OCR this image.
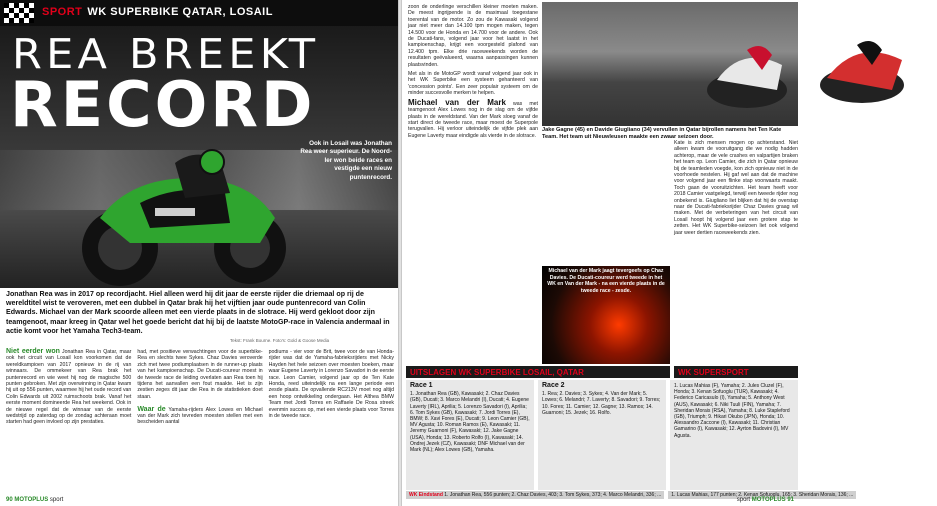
SPORT WK SUPERBIKE QATAR, LOSAIL
REA BREEKT
RECORD
Ook in Losail was Jonathan Rea weer superieur. De Noord-Ier won beide races en vestigde een nieuw puntenrecord.
Jonathan Rea was in 2017 op recordjacht. Hiel alleen werd hij dit jaar de eerste rijder die driemaal op rij de wereldtitel wist te veroveren, met een dubbel in Qatar brak hij het vijftien jaar oude puntenrecord van Colin Edwards. Michael van der Mark scoorde alleen met een vierde plaats in de slotrace. Hij werd gekloot door zijn teamgenoot, maar kreeg in Qatar wel het goede bericht dat hij bij de laatste MotoGP-race in Valencia andermaal in actie komt voor het Yamaha Tech3-team.
Tekst: Frank Bourne. Foto's: Gold & Goose Media
Niet eerder won Jonathan Rea in Qatar, maar ook het circuit van Losail kon voorkomen dat de wereldkampioen van 2017 opnieuw in de rij van winnaars. De ommekeer van Rea brak het puntenrecord en wie weet hij nog de magische 500 punten gebroken. Met zijn overwinning in Qatar kwam hij uit op 556 punten, waarmee hij het oude record van Colin Edwards uit 2002 ruimschoots brak. Vanaf het eerste moment domineerde Rea het weekend. Ook in de nieuwe regel dat de winnaar van de eerste wedstrijd op zaterdag op de zondag achteraan moet starten had geen invloed op zijn prestaties.
had, met positieve verwachtingen voor de superbike-Rea en slechts twee Sykes. Chaz Davies veroverde zich met twee podiumplaatsen in de runner-up plaats van het kampioenschap. De Ducati-coureur moest in de tweede race de leiding overlaten aan Rea toen hij tijdens het aanvallen een fout maakte. Het is zijn zestien zeges dit jaar die Rea in de statistieken doet staan.

Waar de Yamaha-rijders Alex Lowes en Michael van der Mark zich tevreden moesten stellen met een bescheiden aantal
podiums - vier voor de Brit, twee voor de van Honda-rijder was dat de Yamaha-fabrieksrijders met Nicky Hayden het hele seizoen over moesten boeken, maar waar Eugene Laverty in Lorenzo Savadori in de eerste race. Leon Camier, volgend jaar op de Ten Kate Honda, reed uiteindelijk na een lange periode een zesde plaats. De opvallende RC213V moet nog altijd een hoop ontwikkeling ondergaan. Het Althea BMW Team met Jordi Torres en Raffaele De Rosa streek evenmin succes op, met een vierde plaats voor Torres in de tweede race.
90 MOTOPLUS sport
zoon de onderlinge verschillen kleiner moeten maken. De meest ingrijpende is de maximaal toegestane toerental van de motor. Zo zou de Kawasaki volgend jaar niet meer dan 14.100 tpm mogen maken, tegen 14.500 voor de Honda en 14.700 voor de andere. Ook de Ducati-fans, volgend jaar voor het laatst in het kampioenschap, krijgt een voorgesteld plafond van 12.400 tpm. Elke drie raceweekends worden de resultaten geëvalueerd, waarna aanpassingen kunnen plaatsvinden.
Met als in de MotoGP wordt vanaf volgend jaar ook in het WK Superbike een systeem gehanteerd van 'concession points'. Een zeer populair systeem om de minder succesvolle merken te helpen.
Michael van der Mark was met teamgenoot Alex Lowes nog in de slag om de vijfde plaats in de wereldstand. Van der Mark sloeg vanaf de start direct de tweede race, maar moest de Superpole terugvallen. Hij verloor uiteindelijk de vijfde plek aan Eugene Laverty maar eindigde als vierde in de slotrace.
Jake Gagne (45) en Davide Giugliano (34) vervullen in Qatar bijrollen namens het Ten Kate Team. Het team uit Nieuwleusen maakte een zwaar seizoen door.
Michael van der Mark jaagt tevergeefs op Chaz Davies. De Ducati-coureur werd tweede in het WK en Van der Mark - na een vierde plaats in de tweede race - zesde.
Kate is zich mensen mogen op achterstand. Niet alleen kwam de vooruitgang die we nodig hadden achterop, maar de vele crashes en valpartijen braken het team op. Leon Camier, die zich in Qatar opnieuw bij de teamleden voegde, kon zich opnieuw niet in de voorhoede nestelen. Hij gaf wel aan dat de machine voor volgend jaar een flinke stap voorwaarts maakt. Toch gaan de vooruitzichten. Het team heeft voor 2018 Camier vastgelegd, terwijl een tweede rijder nog onbekend is. Giugliano liet blijken dat hij de overstap naar de Ducati-fabrieksrijder Chaz Davies graag wil maken. Met de verbeteringen van het circuit van Losail hoopt hij volgend jaar een grotere stap te zetten. Het WK Superbike-seizoen liet ook volgend jaar weer dertien raceweekends zien.
UITSLAGEN WK SUPERBIKE LOSAIL, QATAR	WK SUPERSPORT
Race 1
1. Jonathan Rea (GB), Kawasaki; 2. Chaz Davies (GB), Ducati; 3. Marco Melandri (I), Ducati; 4. Eugene Laverty (IRL), Aprilia; 5. Lorenzo Savadori (I), Aprilia; 6. Tom Sykes (GB), Kawasaki; 7. Jordi Torres (E), BMW; 8. Xavi Fores (E), Ducati; 9. Leon Camier (GB), MV Agusta; 10. Roman Ramos (E), Kawasaki; 11. Jeremy Guarnoni (F), Kawasaki; 12. Jake Gagne (USA), Honda; 13. Roberto Rolfo (I), Kawasaki; 14. Ondrej Jezek (CZ), Kawasaki; DNF Michael van der Mark (NL); Alex Lowes (GB), Yamaha.
Race 2
1. Rea; 2. Davies; 3. Sykes; 4. Van der Mark; 5. Lowes; 6. Melandri; 7. Laverty; 8. Savadori; 9. Torres; 10. Fores; 11. Camier; 12. Gagne; 13. Ramos; 14. Guarnoni; 15. Jezek; 16. Rolfo.
1. Lucas Mahias (F), Yamaha; 2. Jules Cluzel (F), Honda; 3. Kenan Sofuoglu (TUR), Kawasaki; 4. Federico Caricasulo (I), Yamaha; 5. Anthony West (AUS), Kawasaki; 6. Niki Tuuli (FIN), Yamaha; 7. Sheridan Morais (RSA), Yamaha; 8. Luke Stapleford (GB), Triumph; 9. Hikari Okubo (JPN), Honda; 10. Alessandro Zaccone (I), Kawasaki; 11. Christian Gamarino (I), Kawasaki; 12. Ayrton Badovini (I), MV Agusta.
WK Eindstand 1. Jonathan Rea, 556 punten; 2. Chaz Davies, 403; 3. Tom Sykes, 373; 4. Marco Melandri, 336; ...	1. Lucas Mahias, 177 punten; 2. Kenan Sofuoglu, 165; 3. Sheridan Morais, 136; ...
sport MOTOPLUS 91
